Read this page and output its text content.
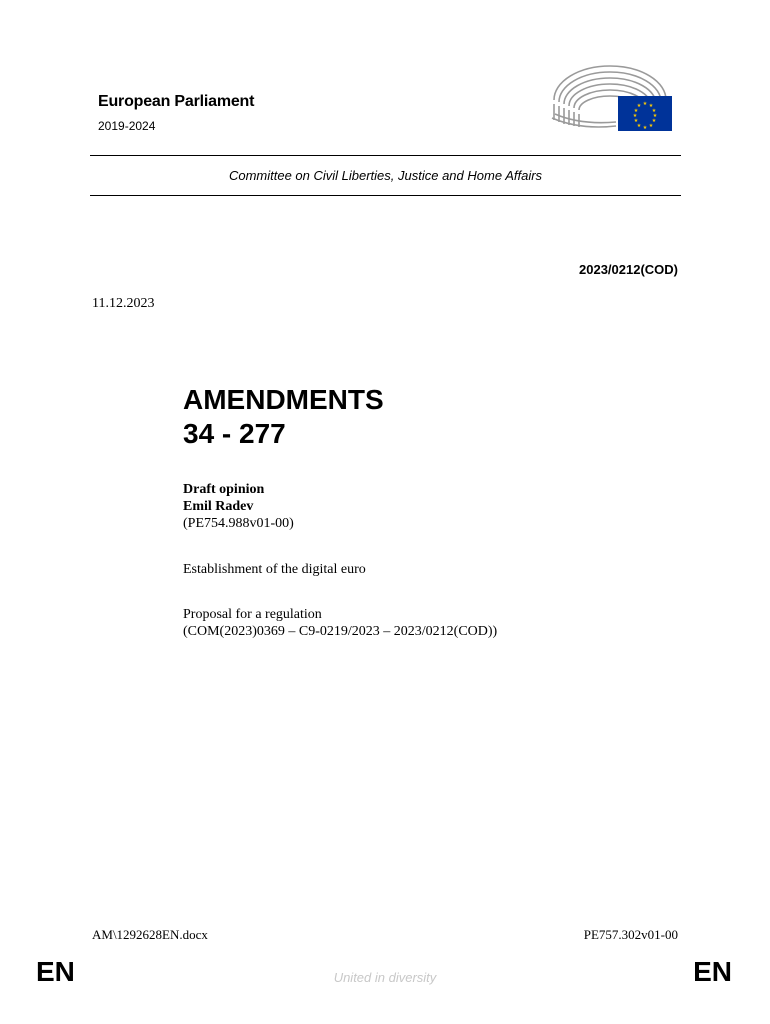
European Parliament
2019-2024
★ ★
★
★
★
★
★
★
★
★
★
★
Committee on Civil Liberties, Justice and Home Affairs
2023/0212(COD)
11.12.2023
AMENDMENTS
34 - 277
Draft opinion
Emil Radev
(PE754.988v01-00)
Establishment of the digital euro
Proposal for a regulation
(COM(2023)0369 – C9-0219/2023 – 2023/0212(COD))
AM\1292628EN.docx	PE757.302v01-00
EN	United in diversity	EN
